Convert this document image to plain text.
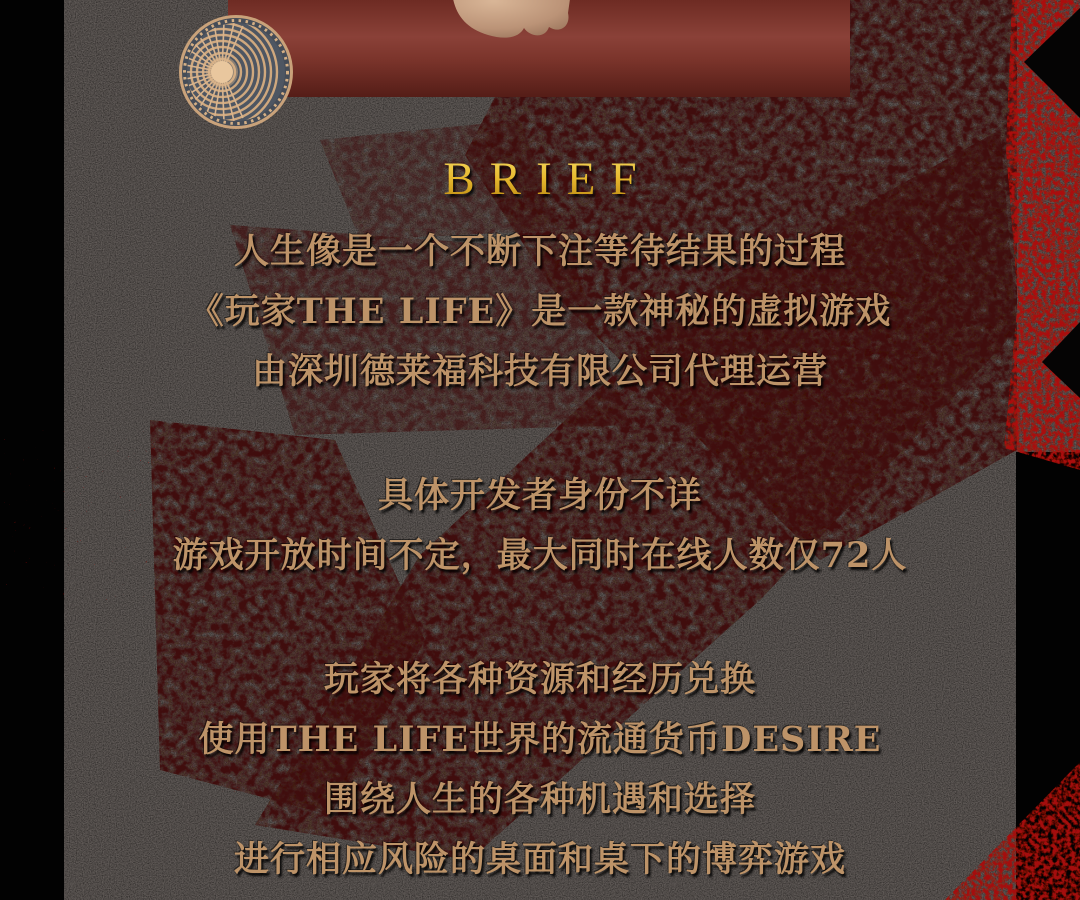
BRIEF
人生像是一个不断下注等待结果的过程
《玩家THE LIFE》是一款神秘的虚拟游戏
由深圳德莱福科技有限公司代理运营
具体开发者身份不详
游戏开放时间不定，最大同时在线人数仅72人
玩家将各种资源和经历兑换
使用THE LIFE世界的流通货币DESIRE
围绕人生的各种机遇和选择
进行相应风险的桌面和桌下的博弈游戏
